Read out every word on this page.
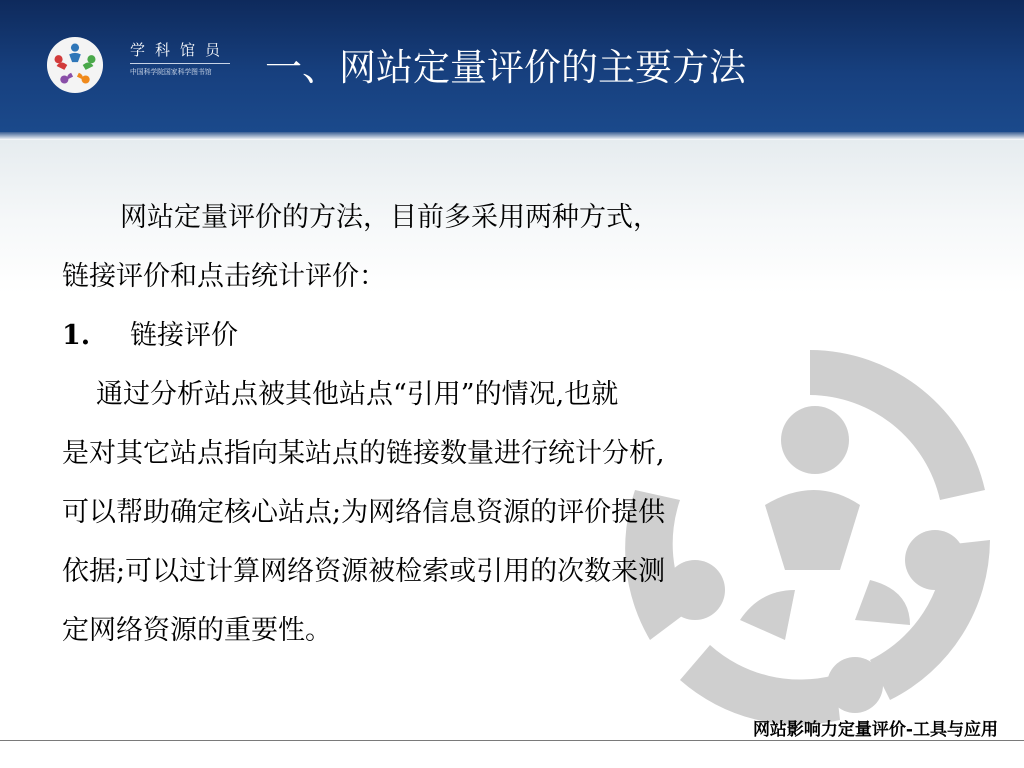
学科馆员
中国科学院国家科学图书馆	一、网站定量评价的主要方法
网站定量评价的方法，目前多采用两种方式，
链接评价和点击统计评价：
1. 链接评价
通过分析站点被其他站点“引用”的情况,也就
是对其它站点指向某站点的链接数量进行统计分析,
可以帮助确定核心站点;为网络信息资源的评价提供
依据;可以过计算网络资源被检索或引用的次数来测
定网络资源的重要性。
网站影响力定量评价-工具与应用
